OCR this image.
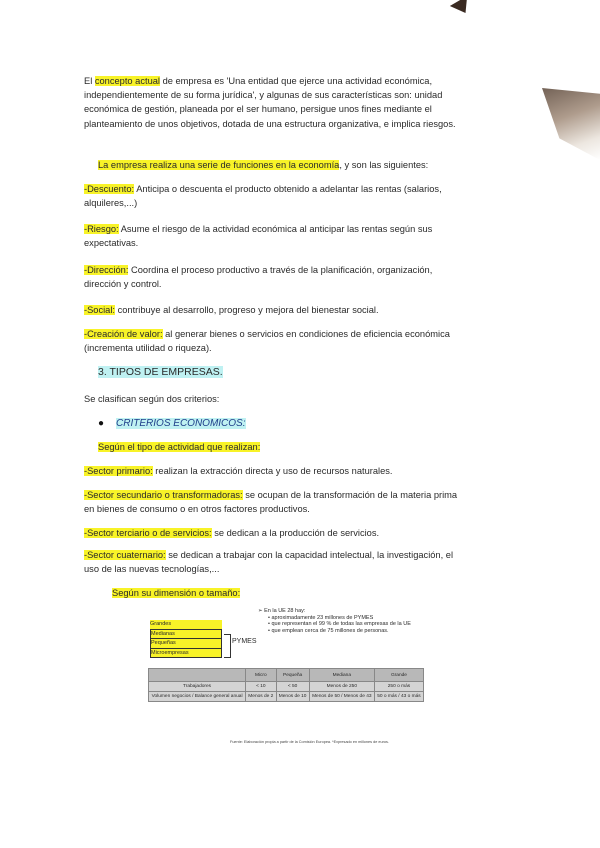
El concepto actual de empresa es 'Una entidad que ejerce una actividad económica, independientemente de su forma jurídica', y algunas de sus características son: unidad económica de gestión, planeada por el ser humano, persigue unos fines mediante el planteamiento de unos objetivos, dotada de una estructura organizativa, e implica riesgos.
La empresa realiza una serie de funciones en la economía, y son las siguientes:
-Descuento: Anticipa o descuenta el producto obtenido a adelantar las rentas (salarios, alquileres,...)
-Riesgo: Asume el riesgo de la actividad económica al anticipar las rentas según sus expectativas.
-Dirección: Coordina el proceso productivo a través de la planificación, organización, dirección y control.
-Social: contribuye al desarrollo, progreso y mejora del bienestar social.
-Creación de valor: al generar bienes o servicios en condiciones de eficiencia económica (incrementa utilidad o riqueza).
3. TIPOS DE EMPRESAS.
Se clasifican según dos criterios:
● CRITERIOS ECONOMICOS:
Según el tipo de actividad que realizan:
-Sector primario: realizan la extracción directa y uso de recursos naturales.
-Sector secundario o transformadoras: se ocupan de la transformación de la materia prima en bienes de consumo o en otros factores productivos.
-Sector terciario o de servicios: se dedican a la producción de servicios.
-Sector cuaternario: se dedican a trabajar con la capacidad intelectual, la investigación, el uso de las nuevas tecnologías,...
Según su dimensión o tamaño:
Grandes
Medianas
Pequeñas
Microempresas
PYMES
➢ En la UE 28 hay:
• aproximadamente 23 millones de PYMES
• que representan el 99 % de todas las empresas de la UE
• que emplean cerca de 75 millones de personas.
	Micro	Pequeña	Mediana	Grande
Trabajadores	< 10	< 50	Menos de 250	250 o más
Volumen negocios / Balance general anual	Menos de 2	Menos de 10	Menos de 50 / Menos de 43	50 o más / 43 o más
Fuente: Elaboración propia a partir de la Comisión Europea. *Expresado en millones de euros.
